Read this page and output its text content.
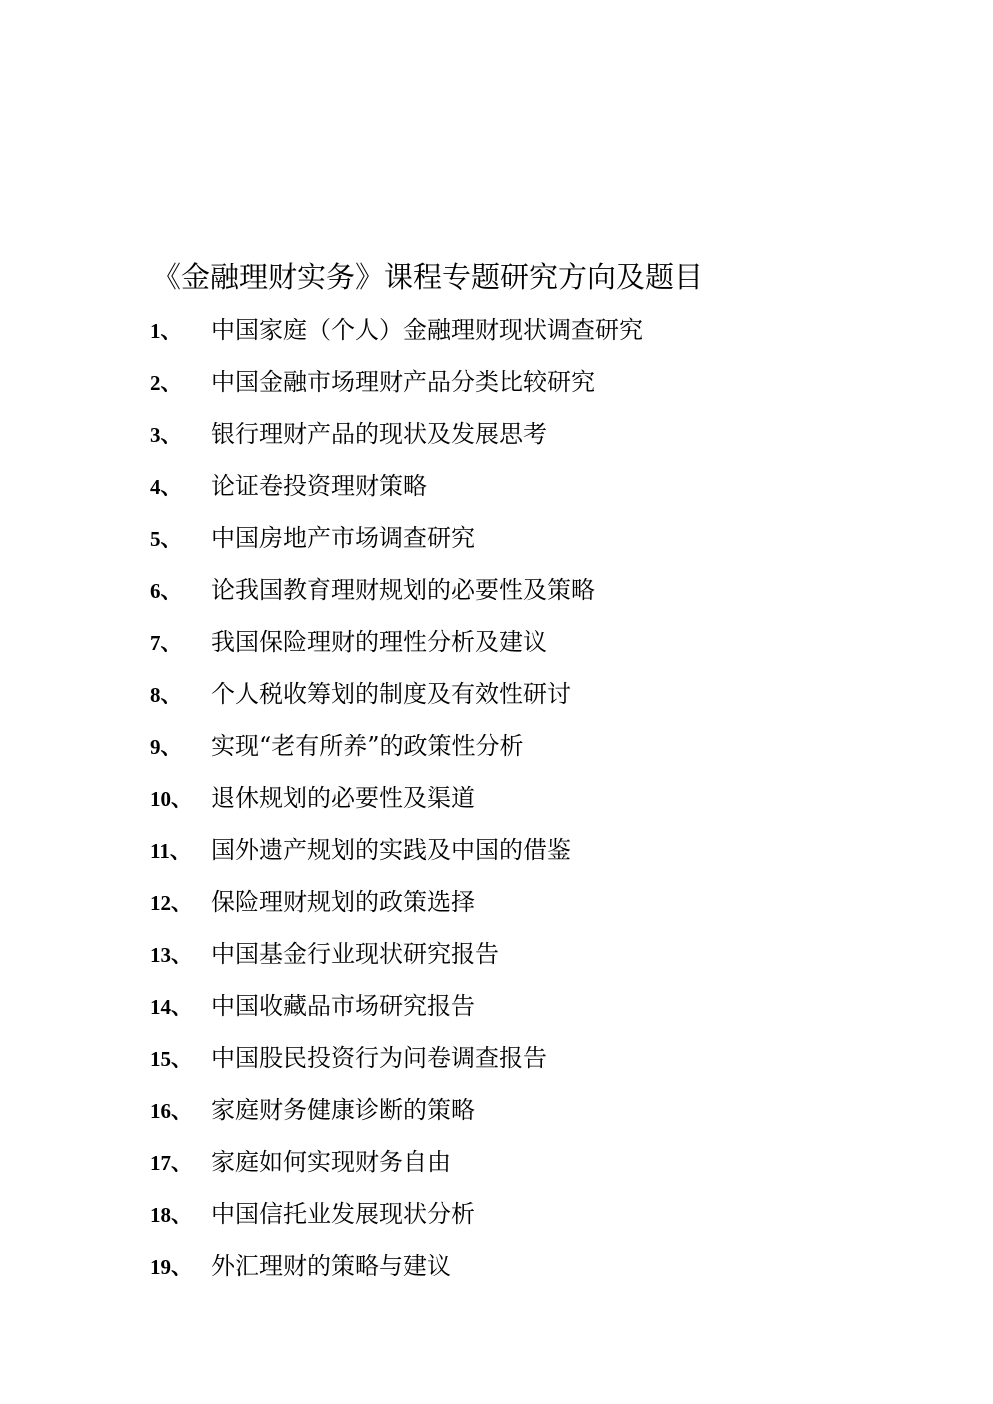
《金融理财实务》课程专题研究方向及题目
1、 中国家庭（个人）金融理财现状调查研究
2、 中国金融市场理财产品分类比较研究
3、 银行理财产品的现状及发展思考
4、 论证卷投资理财策略
5、 中国房地产市场调查研究
6、 论我国教育理财规划的必要性及策略
7、 我国保险理财的理性分析及建议
8、 个人税收筹划的制度及有效性研讨
9、 实现“老有所养”的政策性分析
10、 退休规划的必要性及渠道
11、 国外遗产规划的实践及中国的借鉴
12、 保险理财规划的政策选择
13、 中国基金行业现状研究报告
14、 中国收藏品市场研究报告
15、 中国股民投资行为问卷调查报告
16、 家庭财务健康诊断的策略
17、 家庭如何实现财务自由
18、 中国信托业发展现状分析
19、 外汇理财的策略与建议
